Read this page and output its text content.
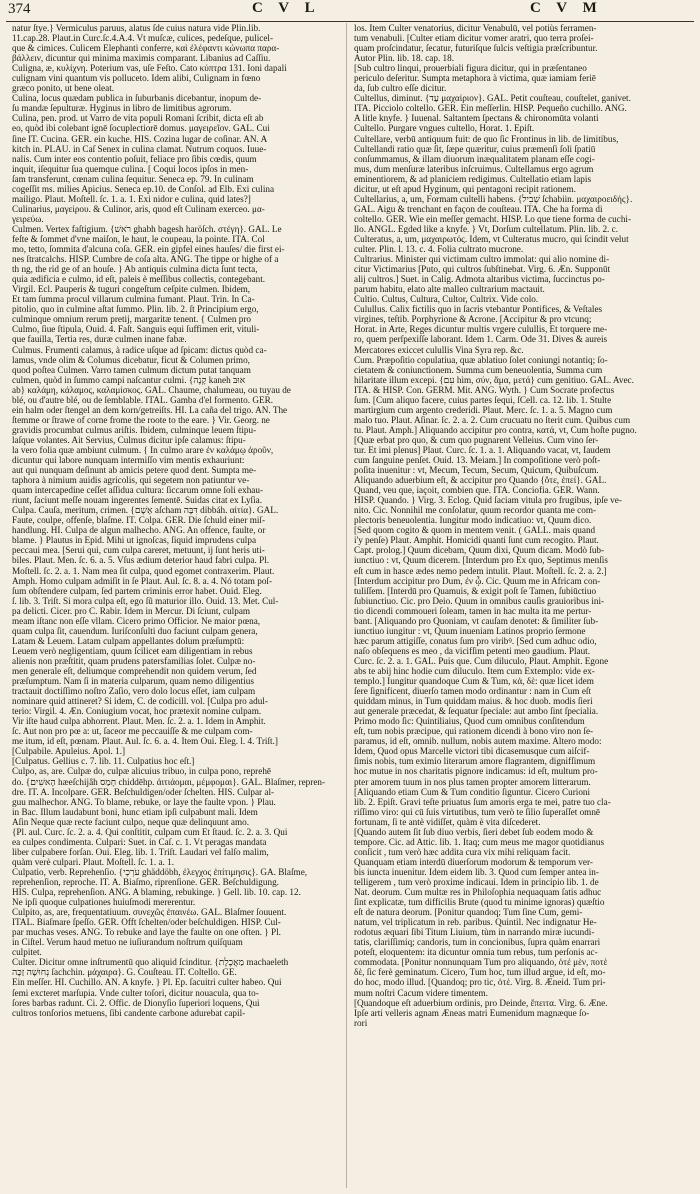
374	C V L	C V M
natur ſtye.} Vermiculus paruus, alatus ſde cuius natura vide Plin.lib.
11.cap.28. Plaut.in Curc.ſc.4.A.4. Vt muſcæ, culices, pedeſque, pulicel-
que & cimices. Culicem Elephanti conferre, καὶ ἐλέφαντι κώνωπα παρα-
βάλλειν, dicuntur qui minima maximis comparant. Libanius ad Caſſiu.
Culigna, æ, κυλίχνη. Poterium vas, uſe Feſto. Cato κύπτρα 131. Ioni dapali
culignam vini quantum vis polluceto. Idem alibi, Culignam in fœno
græco ponito, ut bene oleat.
Culina, locus quædam publica in ſuburbanis dicebantur, inopum de-
ſu mandæ ſepulturæ. Hyginus in libro de limitibus agrorum.
Culina, pen. prod. ut Varro de vita populi Romani ſcribit, dicta eſt ab
eo, quòd ibi colebant ignē ſocuplectiorē domus. μαγειρεῖον. GAL. Cui
ſine IT. Cucina. GER. ein kuche. HIS. Cozina lugar de coſinar. AN. A
kitch in. PLAU. in Caſ Senex in culina clamat. Nutrum coquos. Iuue-
nalis. Cum inter eos contentio poſuit, feliace pro ſibis cœdis, quum
inquit, iſequitur ſua quemque culina. [ Coqui locos ipſos in men-
ſam transferunt, cœnam culina ſequitur. Seneca ep. 79. In culinam
cogeſſit ms. milies Apicius. Seneca ep.10. de Conſol. ad Elb. Exi culina
mailigo. Plaut. Moſtell. ſc. 1. a. 1. Exi nidor e culina, quid lates?]
Culinarius, μαγείρου. & Culinor, aris, quod eſt Culinam exerceo. μα-
γειρεύω.
Culmen. Vertex faſtigium. {רֹאשׁ ghabh bagesh haröſch. στέγη}. GAL. Le
feſte & ſommet d'vne maiſon, le haut, le coupeau, la pointe. ITA. Col
mo, tetto, ſommita d'alcuna coſa. GER. ein gipfel eines hauſes/ die first ei-
nes ſtratcalchs. HISP. Cumbre de coſa alta. ANG. The tippe or highe of a
th ng, the rid ge of an houſe. } Ab antiquis culmina dicta ſunt tecta,
quia ædificia e culmo, id eſt, paleis è meſſibus collectis, contegebant.
Virgil. Ecl. Pauperis & tuguri congeſtum ceſpite culmen. Ibidem,
Et tam ſumma procul villarum culmina fumant. Plaut. Trin. In Ca-
pitolio, quo in culmine aſtat ſummo. Plin. lib. 2. ſt Principium ergo,
culminque omnium rerum pretij, margaritæ tenent. { Culmen pro
Culmo, ſiue ſtipula, Ouid. 4. Faſt. Sanguis equi ſuffimen erit, vituli-
que fauilla, Tertia res, duræ culmen inane fabæ.
Culmus. Frumenti calamus, à radice uſque ad ſpicam: dictus quòd ca-
lamus, vnde olim & Columus dicebatur, ficut & Columen primo,
quod poſtea Culmen. Varro tamen culmum dictum putat tanquam
culmen, quòd in ſummo campi naſcantur culmi. {קָנֶה kaneh אוּבּ
ab} καλάμη, κάλαμος, καλαμίσκος. GAL. Chaume, chalumeau, ou tuyau de
blé, ou d'autre blé, ou de ſemblable. ITAL. Gamba d'el formento. GER.
ein halm oder ſtengel an dem korn/getreiſts. HI. La caña del trigo. AN. The
ſtemme or ſtrawe of corne frome the roote to the eare. } Vir. Georg. ne
gravidis procumbat culmus ariſtis. Ibidem, culminque leuem ſtipu-
laſque volantes. Ait Servius, Culmus dicitur ipſe calamus: ſtipu-
la vero folia quæ ambiunt culmum. { In culmo arare ἐν καλάμῳ ἀροῦν,
dicuntur qui labore nunquam intermiſſo vim mentis exhauriunt:
aut qui nunquam deſinunt ab amicis petere quod dent. Sumpta me-
taphora à nimium auidis agricolis, qui segetem non patiuntur ve-
quam intercapedine ceſſet aſſidua cultura: ſiccarum omne ſoli exhau-
riunt, ſaciunt meſſe nouam ingerentes ſementē. Suidas citat ex Lyſia.
Culpa. Cauſa, meritum, crimen. {אָשָׁם aſcham דִּבָּה dibbáh. αἰτία}. GAL.
Faute, coulpe, offenſe, blaſme. IT. Colpa. GER. Die ſchuld einer miſ-
handlung. HI. Culpa de algun malhecho. ANG. An offence, faulte, or
blame. } Plautus in Epid. Mihi ut ignoſcas, ſiquid imprudens culpa
peccaui mea. [Serui qui, cum culpa careret, metuunt, ij ſunt heris uti-
biles. Plaut. Men. ſc. 6. a. 5. Vſus ædium deterior haud fabri culpa. Pl.
Moſtell. ſc. 2. a. 1. Nam mea ſit culpa, quod egomet contraxerim. Plaut.
Amph. Homo culpam admiſit in ſe Plaut. Aul. ſc. 8. a. 4. Nó totam poſ-
ſum obſtendere culpam, ſed partem criminis error habet. Ouid. Eleg.
ſ. lib. 3. Triſt. Si mora culpa eſt, ego ſũ maturior illo. Ouid. 13. Met. Cul-
pa delicti. Cicer. pro C. Rabir. Idem in Mercur. Di ſciunt, culpam
meam iſtanc non eſſe vllam. Cicero primo Officior. Ne maior pœna,
quam culpa ſit, cauendum. Iuriſconſulti duo faciunt culpam genera,
Latam & Leuem. Latam culpam appellantes dolum præſumptū:
Leuem verò negligentiam, quum ſcilicet eam diligentiam in rebus
alienis non præſtitit, quam prudens patersfamilias ſolet. Culpæ no-
men generale eſt, deliumque comprehendit non quidem verum, ſed
præſumptum. Nam ſi in materia culparum, quam nemo diligentius
tractauit doctiſſimo noſtro Zaſio, vero dolo locus eſſet, iam culpam
nominare quid attineret? Si idem, C. de codicill. vol. [Culpa pro adul-
terio: Virgil. 4. Æn. Coniugium vocat, hoc prætexit nomine culpam.
Vir iſte haud culpa abhorrent. Plaut. Men. ſc. 2. a. 1. Idem in Amphit.
ſc. Aut non pro pœ a: ut, ſaceor me peccauiſſe & me culpam com-
me itum, id eſt, pœnam. Plaut. Aul. ſc. 6. a. 4. Item Oui. Eleg. l. 4. Triſt.]
[Culpabile. Apuleius. Apol. 1.]
[Culpatus. Gellius c. 7. lib. 11. Culpatius hoc eſt.]
Culpo, as, are. Culpæ do, culpæ alicuius tribuo, in culpa pono, reprehē
do. {הָאשִׁים hæeſchijâh חָמַס chiddēhp. ἀιτιάομαι, μέμφομαι}. GAL. Blaſmer, repren-
dre. IT. A. Incolpare. GER. Beſchuldigen/oder ſchelten. HIS. Culpar al-
guu malhechor. ANG. To blame, rebuke, or laye the faulte vpon. } Plau.
in Bac. Illum laudabunt boni, hunc etiam ipſi culpabunt mali. Idem
Aſin Neque quæ recte faciunt culpo, neque quæ delinquunt amo.
{Pl. aul. Curc. ſc. 2. a. 4. Qui conſtitit, culpam cum Et ſtaud. ſc. 2. a. 3. Qui
ea culpes condimenta. Culpari: Suet. in Caſ. c. 1. Vt peragas mandata
liber culpabere forſan. Oui. Eleg. lib. 1. Triſt. Laudari vel falſo malim,
quàm verè culpari. Plaut. Moſtell. ſc. 1. a. 1.
Culpatio, verb. Reprehenſio. {עֹרְכְי ghäddöbh, ἐλεγχος ἐπίτιμησις}. GA. Blaſme,
reprehenſion, reproche. IT. A. Biaſmo, riprenſione. GER. Beſchuldigung.
HIS. Culpa, reprehenſion. ANG. A blaming, rebukinge. } Gell. lib. 10. cap. 12.
Ne ipſi quoque culpationes huiuſmodi mererentur.
Culpito, as, are, frequentatiuum. συνεχῶς ἐπαινέω. GAL. Blaſmer ſouuent.
ITAL. Biaſmare ſpeſſo. GER. Offt ſchelten/oder beſchuldigen. HISP. Cul-
par muchas veses. ANG. To rebuke and laye the faulte on one often. } Pl.
in Ciſtel. Verum haud metuo ne iuſiurandum noſtrum quiſquam
culpitet.
Culter. Dicitur omne inſtrumentū quo aliquid ſcinditur. {מַאֲכֶלֶת machaeleth
נְחוּשָׁה זַכָּה ſachchin. μάχαιρα}. G. Couſteau. IT. Coltello. GE.
Ein meſſer. HI. Cuchillo. AN. A knyfe. } Pl. Ep. ſacuitri culter habeo. Qui
ſemi excteret marſupia. Vnde culter toſori, dicitur nouacula, qua to-
ſores barbas radunt. Ci. 2. Offic. de Dionyſio ſuperiori loquens, Qui
cultros tonſorios metuens, ſibi candente carbone adurebat capil-
los. Item Culter venatorius, dicitur Venabulū, vel potiùs ferramen-
tum venabuli. [Culter etiam dicitur vomer aratri, quo terra proſei-
quam proſcindatur, ſecatur, futuriſque ſulcis veſtigia præſcribuntur.
Autor Plin. lib. 18. cap. 18.
[Sub cultro linqui, prouerbiali figura dicitur, qui in præſentaneo
periculo deſeritur. Sumpta metaphora à victima, quæ iamiam feriē
da, ſub cultro eſſe dicitur.
Cultellus, diminut. {עַד μαχαίριον}. GAL. Petit couſteau, couſtelet, ganivet.
ITA. Picciolo coltello. GER. Ein meſſerlin. HISP. Pequeño cuchillo. ANG.
A litle knyfe. } Iuuenal. Saltantem ſpectans & chironomūta volanti
Cultello. Purgare vngues cultello, Horat. 1. Epiſt.
Cultellare, verbū antiquum fuit: de quo ſic Frontinus in lib. de limitibus,
Cultellandi ratio quæ ſit, ſæpe quæritur, cuius præmenſi ſoli ſpatiū
conſummamus, & illam diuorum inæqualitatem planam eſſe cogi-
mus, dum menſuræ lateribus inſcruimus. Cultellamus ergo agrum
eminentiorem, & ad planiciem redigimus. Cultellatio etiam lapis
dicitur, ut eſt apud Hyginum, qui pentagoni recipit rationem.
Cultellarius, a, um, Formam cultelli habens. {שְׁבִיל ſchabiin. μαχαιροειδής}.
GAL. Aigu & trenchant en façon de couſteau. ITA. Che ha forma di
coltello. GER. Wie ein meſſer gemacht. HISP. Lo que tiene forma de cuchi-
llo. ANGL. Egded like a knyfe. } Vt, Dorſum cultellatum. Plin. lib. 2. c.
Culteratus, a, um, μαχαιρωτός. Idem, vt Culteratus mucro, qui ſcindit velut
culter. Plin. l. 13. c. 4. Folia cultrato mucrone.
Cultrarius. Minister qui victimam cultro immolat: qui alio nomine di-
citur Victimarius [Puto, qui cultros ſubſtinebat. Virg. 6. Æn. Supponūt
alij cultros.] Suet. in Calig. Admota altaribus victima, ſuccinctus po-
parum habitu, elato alte malleo cultrarium mactauit.
Cultio. Cultus, Cultura, Cultor, Cultrix. Vide colo.
Culullus. Calix fictilis quo in ſacris vtebantur Pontifices, & Veſtales
virgines, teſtib. Porphyrione & Acrone. [Accipitur & pro vtcunq;
Horat. in Arte, Reges dicuntur multis vrgere culullis, Et torquere me-
ro, quem perſpexiſſe laborant. Idem 1. Carm. Ode 31. Dives & aureis
Mercatores exiccet culullis Vina Syra rep. &c.
Cum. Præpoſitio copulatiua, quæ ablatiuo ſolet coniungi notantiq; ſo-
cietatem & coniunctionem. Summa cum beneuolentia, Summa cum
hilaritate illum excepi. {עִם hìm, σύν, ἅμα, μετά} cum genitiuo. GAL. Avec.
ITA. & HISP. Con. GERM. Mit. ANG. Wyth. } Cum Socrate profectus
ſum. [Cum aliquo facere, cuius partes ſequi, ſCell. ca. 12. lib. 1. Stulte
martirgium cum argento crederidi. Plaut. Merc. ſc. 1. a. 5. Magno cum
malo tuo. Plaut. Aſinar. ſc. 2. a. 2. Cum crucuatu no ſterit cum. Quibus cum
tu. Plaut. Amph.] Aliquando accipitur pro contra, κατά, vt, Cum hoſte pugno.
[Quæ erbat pro quo, & cum quo pugnarent Velleius. Cum vino ſer-
tur. Et imi plenus] Plaut. Curc. ſc. 1. a. 1. Aliquando vacat, vt, Iaudem
cum ſanguine penſet. Ouid. 13. Meiam.] In compoſitione verò poſt-
poſita inuenitur : vt, Mecum, Tecum, Secum, Quicum, Quibuſcum.
Aliquando aduerbium eſt, & accipitur pro Quando {ὅτε, ἐπεί}. GAL.
Quand, veu que, iaçoit, combien que. ITA. Conciofia. GER. Wann.
HISP. Quando. } Virg. 3. Eclog. Quid ſaciam vitula pro frugibus, ipſe ve-
nito. Cic. Nonnihil me conſolatur, quum recordor quanta me com-
plectoris beneuolentia. Iungitur modo indicatiuo: vt, Quum dico.
[Sed quom cogito & quom in mentem venit. ( GALL. mais quand
i'y penſe) Plaut. Amphit. Homicidi quanti ſunt cum recogito. Plaut.
Capt. prolog.] Quum dicebam, Quum dixi, Quum dicam. Modò ſub-
iunctiuo : vt, Quum dicerem. [Interdum pro Ex quo, Septimus menſis
eſt cum in hasce ædes nemo pedem intulit. Plaut. Moſtell. ſc. 2. a. 2.]
[Interdum accipitur pro Dum, ἐν ᾧ. Cic. Quum me in Africam con-
tuliſſem. [Interdū pro Quamuis, & exigit poſt ſe Tamen, ſubiūctiuo
ſubiunctiuo. Cic. pro Deio. Quum in omnibus cauſis grauioribus ini-
tio dicendi commoueri ſoleam, tamen in hac multa ita me pertur-
bant. [Aliquando pro Quoniam, vt cauſam denotet: & ſimiliter ſub-
iunctiuo iungitur : vt, Quum inueniam Latinos proprio ſermone
hæc parum attigiſſe, conatus ſum pro viribꝰ. [Sed cum adhuc odio,
naſo obſequens es meo , da vicifſim petenti meo gaudium. Plaut.
Curc. ſc. 2. a. 1. GAL. Puis que. Cum diluculo, Plaut. Amphit. Egone
abs te abij hinc hodie cum diluculo. Item cum Extemplo: vide ex-
templo.] Iungitur quandoque Cum & Tum, κἀ, δὲ: quæ licet idem
ſere ſignificent, diuerſo tamen modo ordinantur : nam in Cum eſt
quiddam minus, in Tum quiddam maius. & hoc duob. modis ſieri
aut generale præcedat, & ſequatur ſpeciale: aut ambo ſint ſpecialia.
Primo modo ſic: Quintiliaius, Quod cum omnibus conſitendum
eſt, tum nobis præcipue, qui rationem dicendi à bono viro non ſe-
paramus, id eſt, omnib. nullum, nobis autem maxime. Altero modo:
Idem, Quod opus Marcelle victori tibi dicasemusque cum aiſcif-
ſimis nobis, tum eximio literarum amore flagrantem, dignifſimum
hoc mutue in nos charitatis pignore indicamus: id eſt, multum pro-
pter amorem tuum in nos plus tamen propter amorem litterarum.
[Aliquando etiam Cum & Tum conditio ſiguntur. Cicero Curioni
lib. 2. Epiſt. Gravi teſte priuatus ſum amoris erga te mei, patre tuo cla-
riſſimo viro: qui cū ſuis virtutibus, tum verò te ſilio ſuperaſſet omnē
fortunam, ſi te antè vidiſſet, quàm è vita diſcederet.
[Quando autem ſit ſub diuo verbis, ſieri debet ſub eodem modo &
tempore. Cic. ad Attic. lib. 1. Itaq; cum meus me magor quotidianus
conſicit , tum verò hæc addita cura vix mihi reliquam facit.
Quanquam etiam interdū diuerſorum modorum & temporum ver-
bis iuncta inuenitur. Idem eidem lib. 3. Quod cum ſemper antea in-
telligerem , tum verò proxime indicaui. Idem in principio lib. 1. de
Nat. deorum. Cum multæ res in Philoſophia nequaquam ſatis adhuc
ſint explicatæ, tum difficilis Brute (quod tu minime ignoras) quæſtio
eſt de natura deorum. [Ponitur quandoq; Tum ſine Cum, gemi-
natum, vel triplicatum in reb. paribus. Quintil. Nec indignatur He-
rodotus æquari ſibi Titum Liuium, tùm in narrando miræ iucundi-
tatis, clariſſimiq; candoris, tum in concionibus, ſupra quàm enarrari
poteſt, eloquentem: ita dicuntur omnia tum rebus, tum perſonis ac-
commodata. [Ponitur nonnunquam Tum pro aliquando, ὁτέ μὲν, ποτὲ
δὲ, ſic ferè geminatum. Cicero, Tum hoc, tum illud argue, id eſt, mo-
do hoc, modo illud. [Quandoq; pro tic, ὁτέ. Virg. 8. Æneid. Tum pri-
mum noſtri Cacum videre timentem.
[Quandoque eſt aduerbium ordinis, pro Deinde, ἔπειτα. Virg. 6. Æne.
Ipſe arti velleris agnam Æneas matri Eumenidum magnæque ſo-
rori
